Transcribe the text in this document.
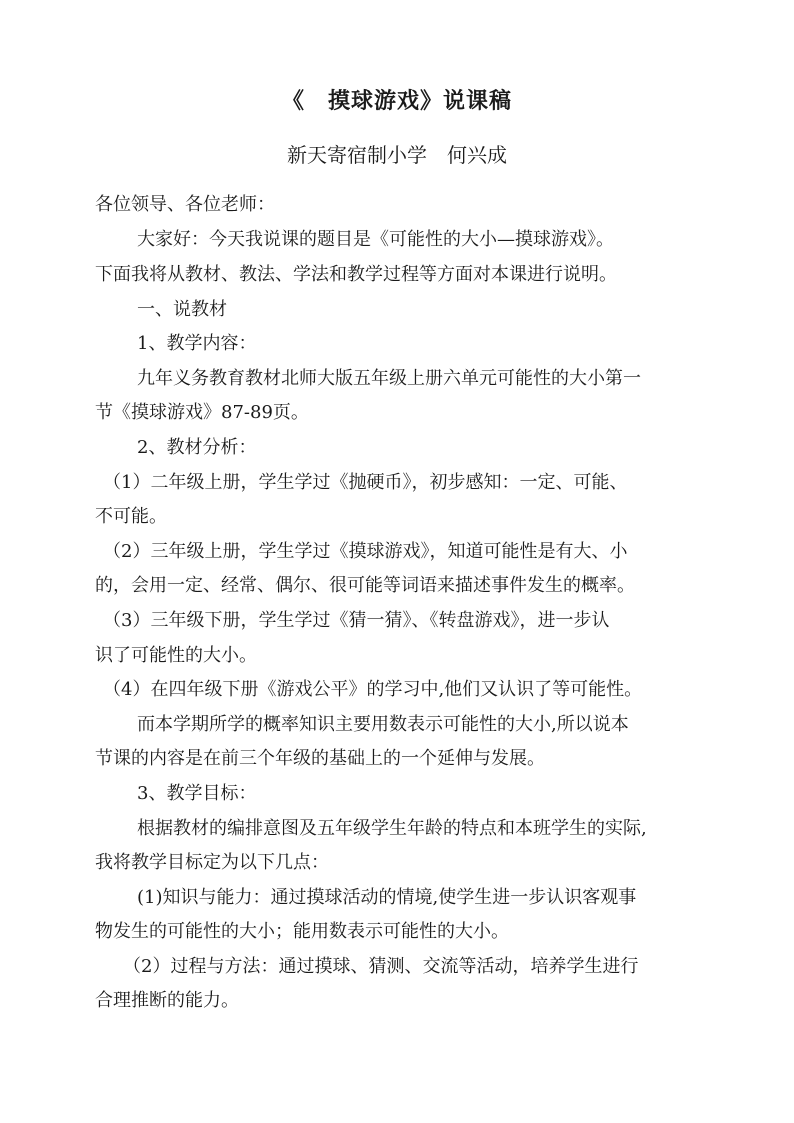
《　摸球游戏》说课稿
新天寄宿制小学　何兴成
各位领导、各位老师：
大家好：今天我说课的题目是《可能性的大小—摸球游戏》。
下面我将从教材、教法、学法和教学过程等方面对本课进行说明。
一、说教材
1、教学内容：
九年义务教育教材北师大版五年级上册六单元可能性的大小第一
节《摸球游戏》87-89页。
2、教材分析：
（1）二年级上册，学生学过《抛硬币》，初步感知：一定、可能、
不可能。
（2）三年级上册，学生学过《摸球游戏》，知道可能性是有大、小
的，会用一定、经常、偶尔、很可能等词语来描述事件发生的概率。
（3）三年级下册，学生学过《猜一猜》、《转盘游戏》，进一步认
识了可能性的大小。
（4）在四年级下册《游戏公平》的学习中,他们又认识了等可能性。
而本学期所学的概率知识主要用数表示可能性的大小,所以说本
节课的内容是在前三个年级的基础上的一个延伸与发展。
3、教学目标：
根据教材的编排意图及五年级学生年龄的特点和本班学生的实际,
我将教学目标定为以下几点：
(1)知识与能力：通过摸球活动的情境,使学生进一步认识客观事
物发生的可能性的大小；能用数表示可能性的大小。
（2）过程与方法：通过摸球、猜测、交流等活动，培养学生进行
合理推断的能力。
